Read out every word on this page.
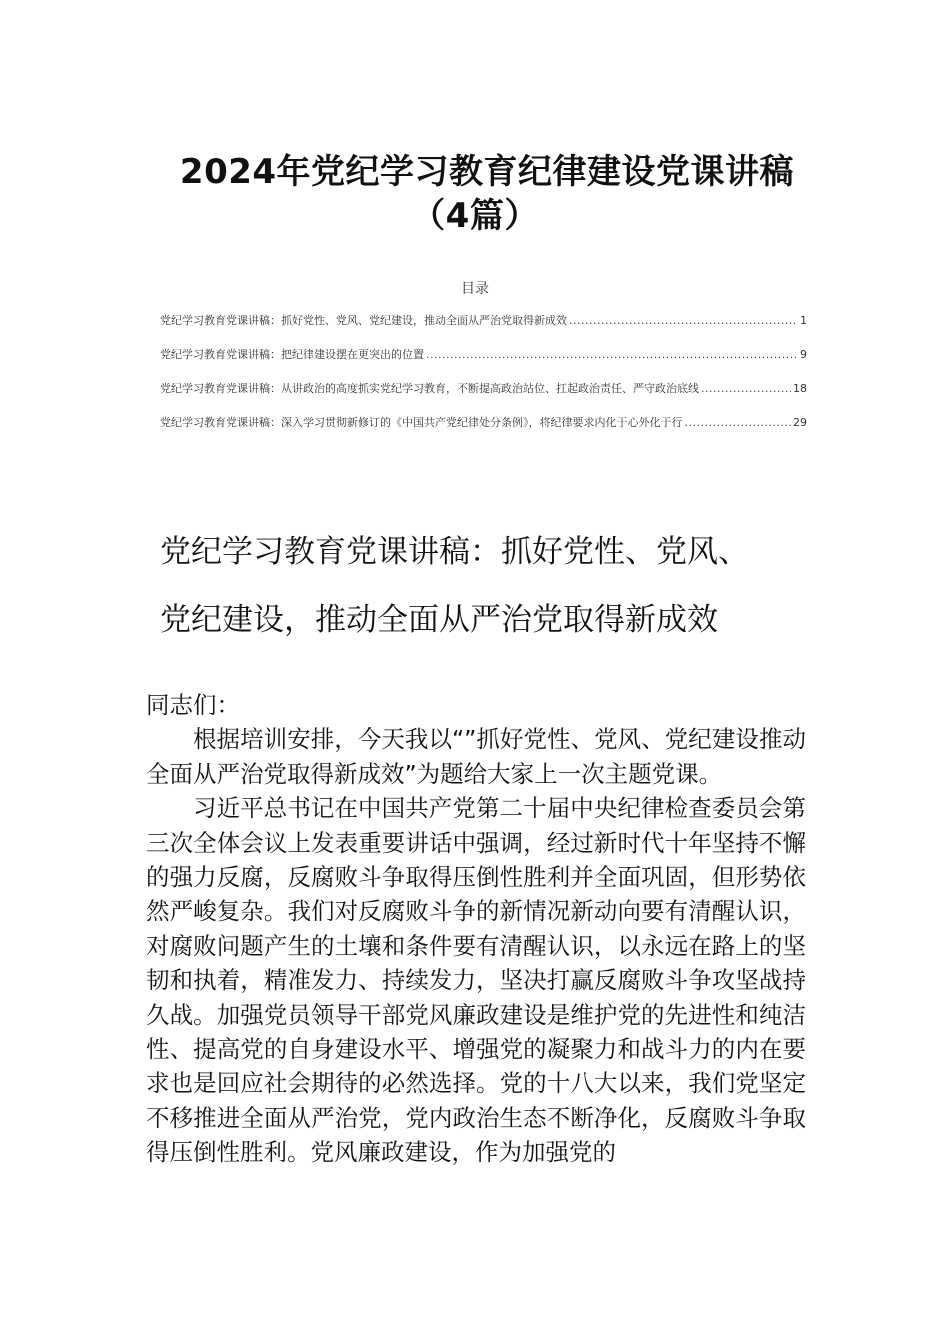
2024年党纪学习教育纪律建设党课讲稿
（4篇）
目录
党纪学习教育党课讲稿：抓好党性、党风、党纪建设，推动全面从严治党取得新成效 .....	1
党纪学习教育党课讲稿：把纪律建设摆在更突出的位置 .....	9
党纪学习教育党课讲稿：从讲政治的高度抓实党纪学习教育，不断提高政治站位、扛起政治责任、严守政治底线 .....	18
党纪学习教育党课讲稿：深入学习贯彻新修订的《中国共产党纪律处分条例》，将纪律要求内化于心外化于行 .....	29
党纪学习教育党课讲稿：抓好党性、党风、
党纪建设，推动全面从严治党取得新成效

同志们：

根据培训安排，今天我以“”抓好党性、党风、党纪建设推动全面从严治党取得新成效”为题给大家上一次主题党课。

习近平总书记在中国共产党第二十届中央纪律检查委员会第三次全体会议上发表重要讲话中强调，经过新时代十年坚持不懈的强力反腐，反腐败斗争取得压倒性胜利并全面巩固，但形势依然严峻复杂。我们对反腐败斗争的新情况新动向要有清醒认识，对腐败问题产生的土壤和条件要有清醒认识，以永远在路上的坚韧和执着，精准发力、持续发力，坚决打赢反腐败斗争攻坚战持久战。加强党员领导干部党风廉政建设是维护党的先进性和纯洁性、提高党的自身建设水平、增强党的凝聚力和战斗力的内在要求也是回应社会期待的必然选择。党的十八大以来，我们党坚定不移推进全面从严治党，党内政治生态不断净化，反腐败斗争取得压倒性胜利。党风廉政建设，作为加强党的
